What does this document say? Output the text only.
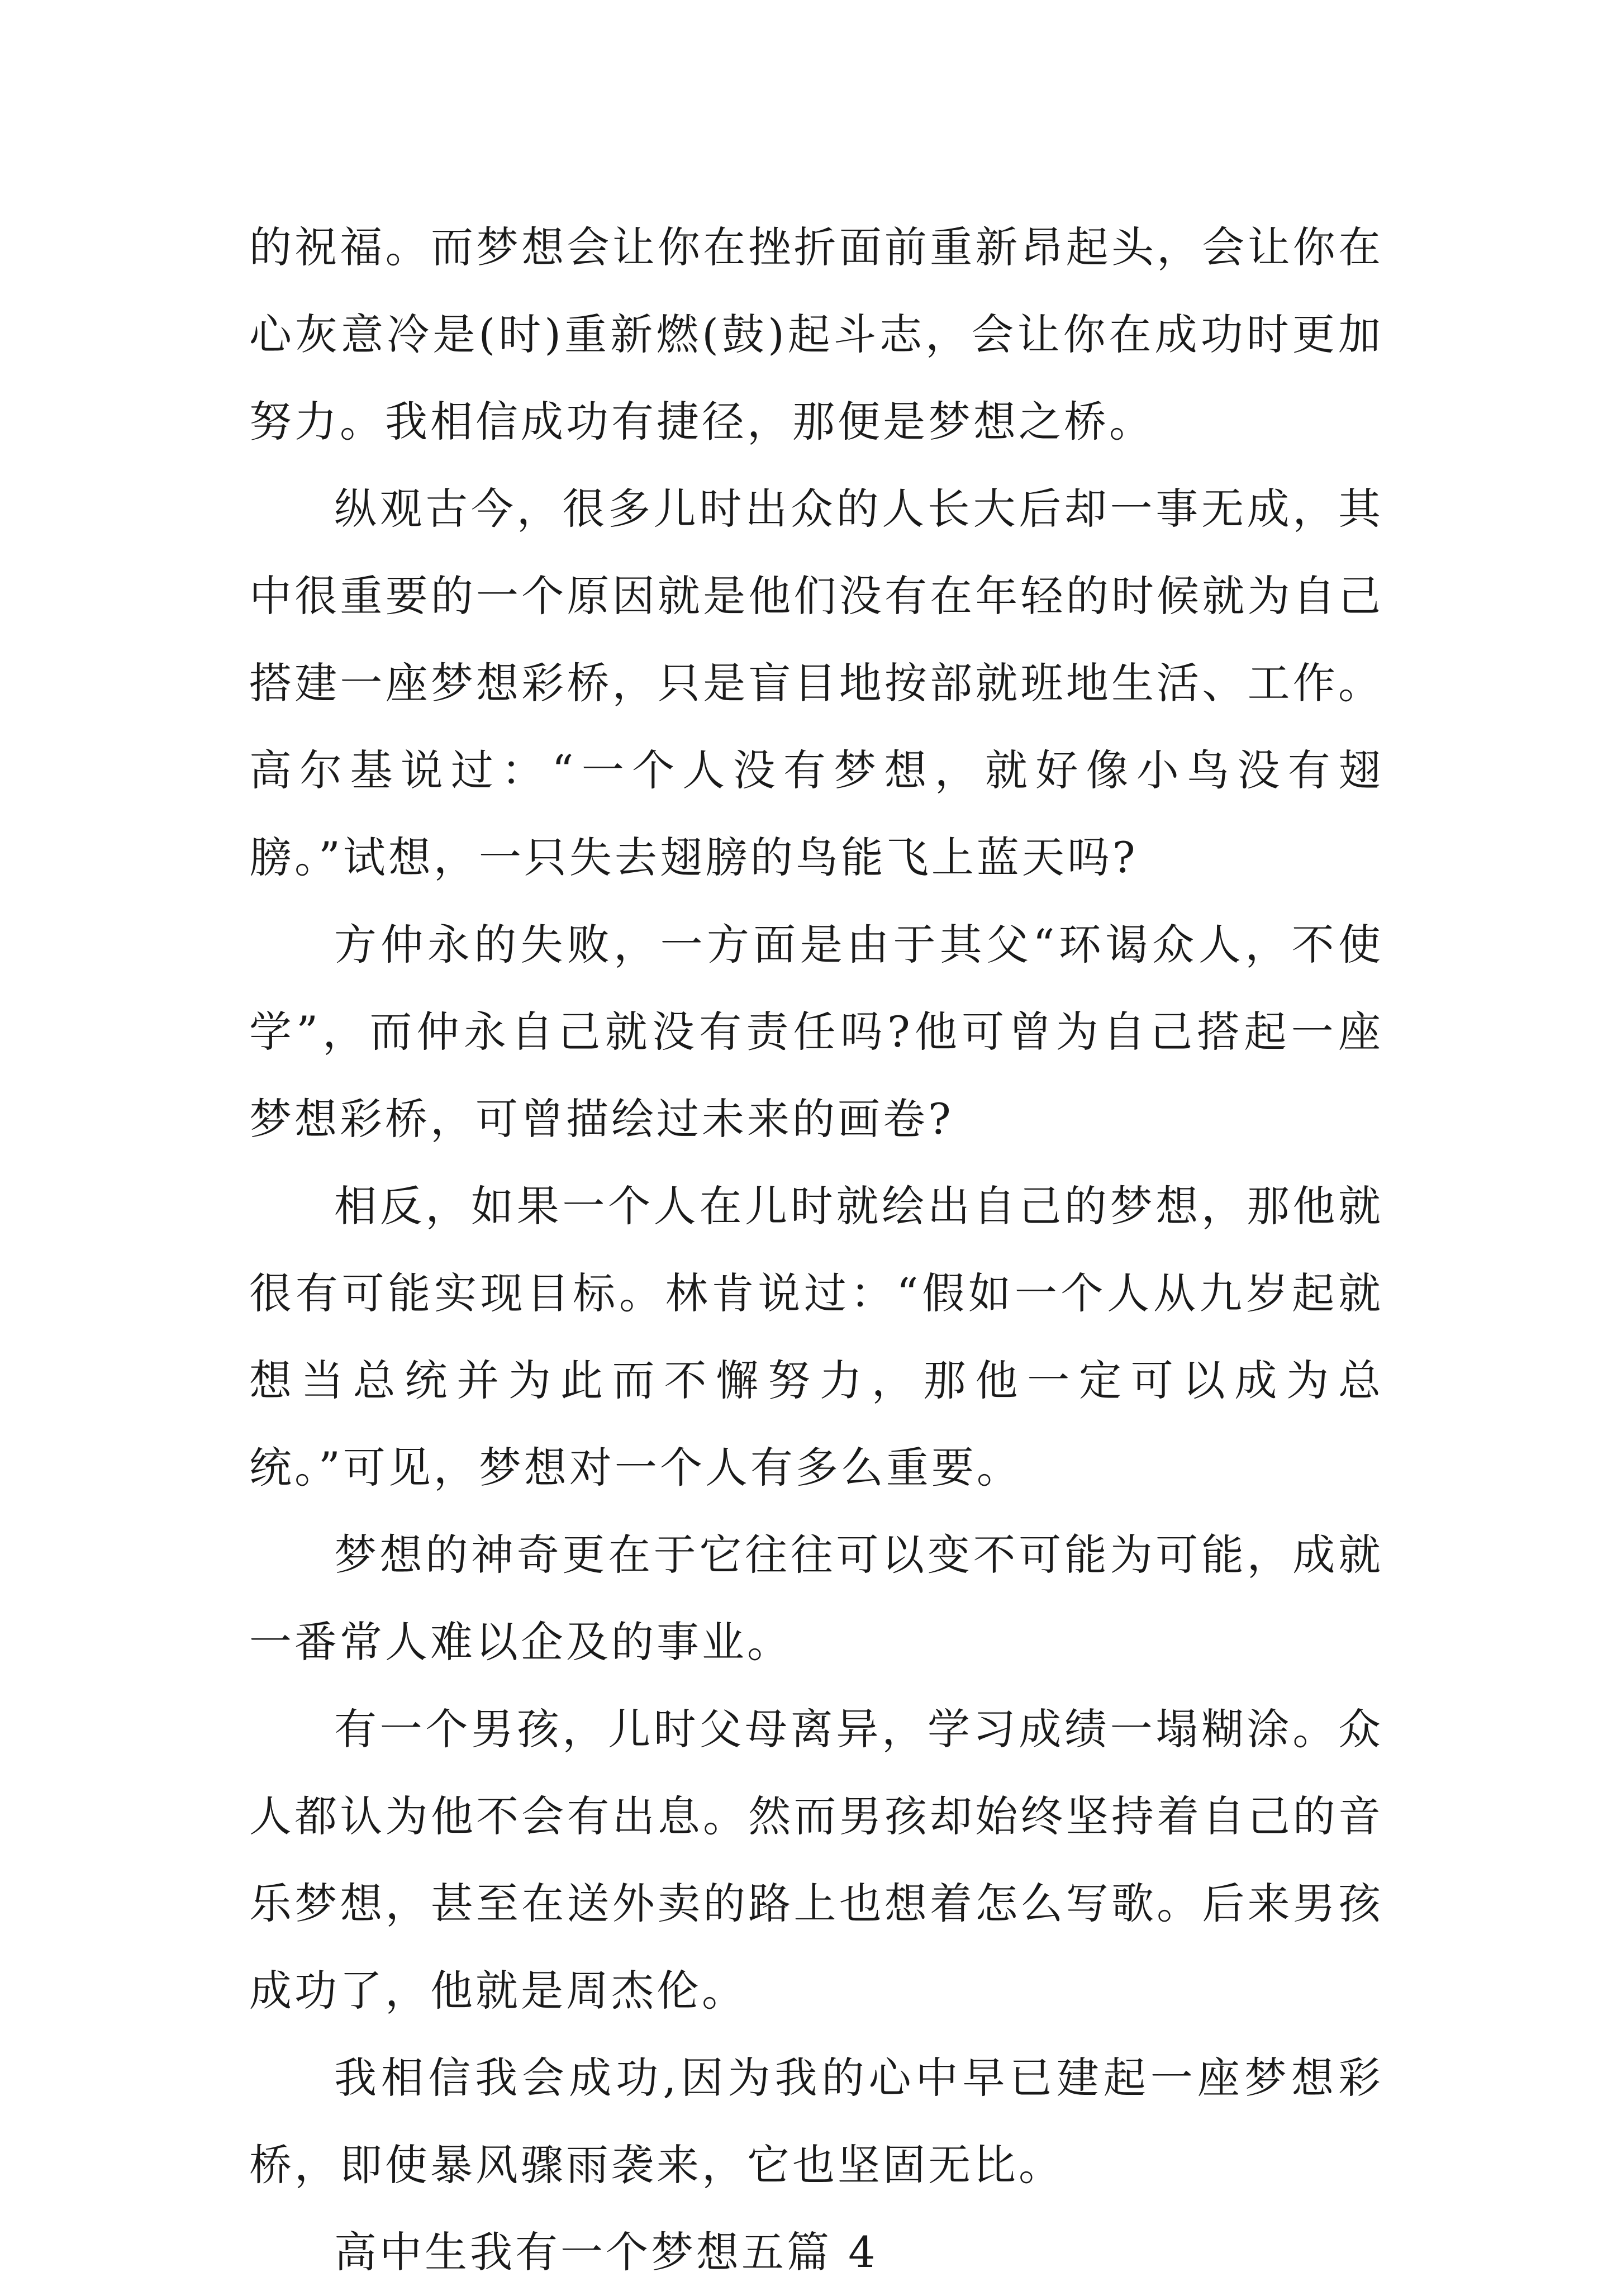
的祝福。而梦想会让你在挫折面前重新昂起头，会让你在心灰意冷是(时)重新燃(鼓)起斗志，会让你在成功时更加努力。我相信成功有捷径，那便是梦想之桥。

纵观古今，很多儿时出众的人长大后却一事无成，其中很重要的一个原因就是他们没有在年轻的时候就为自己搭建一座梦想彩桥，只是盲目地按部就班地生活、工作。高尔基说过：“一个人没有梦想，就好像小鸟没有翅膀。”试想，一只失去翅膀的鸟能飞上蓝天吗?

方仲永的失败，一方面是由于其父“环谒众人，不使学”，而仲永自己就没有责任吗?他可曾为自己搭起一座梦想彩桥，可曾描绘过未来的画卷?

相反，如果一个人在儿时就绘出自己的梦想，那他就很有可能实现目标。林肯说过：“假如一个人从九岁起就想当总统并为此而不懈努力，那他一定可以成为总统。”可见，梦想对一个人有多么重要。

梦想的神奇更在于它往往可以变不可能为可能，成就一番常人难以企及的事业。

有一个男孩，儿时父母离异，学习成绩一塌糊涂。众人都认为他不会有出息。然而男孩却始终坚持着自己的音乐梦想，甚至在送外卖的路上也想着怎么写歌。后来男孩成功了，他就是周杰伦。

我相信我会成功,因为我的心中早已建起一座梦想彩桥，即使暴风骤雨袭来，它也坚固无比。

高中生我有一个梦想五篇 4
